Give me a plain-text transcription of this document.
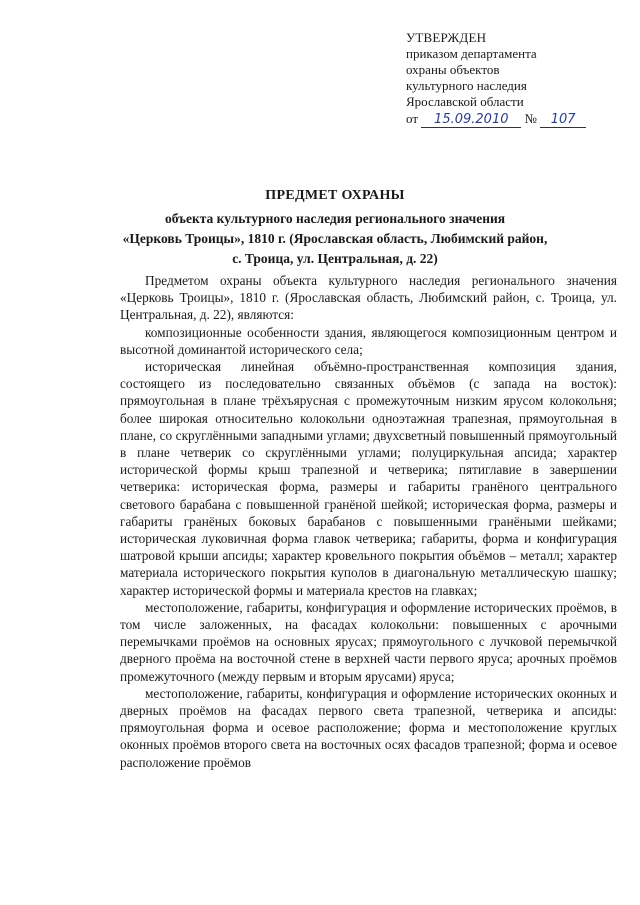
УТВЕРЖДЕН
приказом департамента
охраны объектов
культурного наследия
Ярославской области
от 15.09.2010 № 107
ПРЕДМЕТ ОХРАНЫ
объекта культурного наследия регионального значения
«Церковь Троицы», 1810 г. (Ярославская область, Любимский район,
с. Троица, ул. Центральная, д. 22)

Предметом охраны объекта культурного наследия регионального значения «Церковь Троицы», 1810 г. (Ярославская область, Любимский район, с. Троица, ул. Центральная, д. 22), являются:

композиционные особенности здания, являющегося композиционным центром и высотной доминантой исторического села;

историческая линейная объёмно-пространственная композиция здания, состоящего из последовательно связанных объёмов (с запада на восток): прямоугольная в плане трёхъярусная с промежуточным низким ярусом колокольня; более широкая относительно колокольни одноэтажная трапезная, прямоугольная в плане, со скруглёнными западными углами; двухсветный повышенный прямоугольный в плане четверик со скруглёнными углами; полуциркульная апсида; характер исторической формы крыш трапезной и четверика; пятиглавие в завершении четверика: историческая форма, размеры и габариты гранёного центрального светового барабана с повышенной гранёной шейкой; историческая форма, размеры и габариты гранёных боковых барабанов с повышенными гранёными шейками; историческая луковичная форма главок четверика; габариты, форма и конфигурация шатровой крыши апсиды; характер кровельного покрытия объёмов – металл; характер материала исторического покрытия куполов в диагональную металлическую шашку; характер исторической формы и материала крестов на главках;

местоположение, габариты, конфигурация и оформление исторических проёмов, в том числе заложенных, на фасадах колокольни: повышенных с арочными перемычками проёмов на основных ярусах; прямоугольного с лучковой перемычкой дверного проёма на восточной стене в верхней части первого яруса; арочных проёмов промежуточного (между первым и вторым ярусами) яруса;

местоположение, габариты, конфигурация и оформление исторических оконных и дверных проёмов на фасадах первого света трапезной, четверика и апсиды: прямоугольная форма и осевое расположение; форма и местоположение круглых оконных проёмов второго света на восточных осях фасадов трапезной; форма и осевое расположение проёмов
